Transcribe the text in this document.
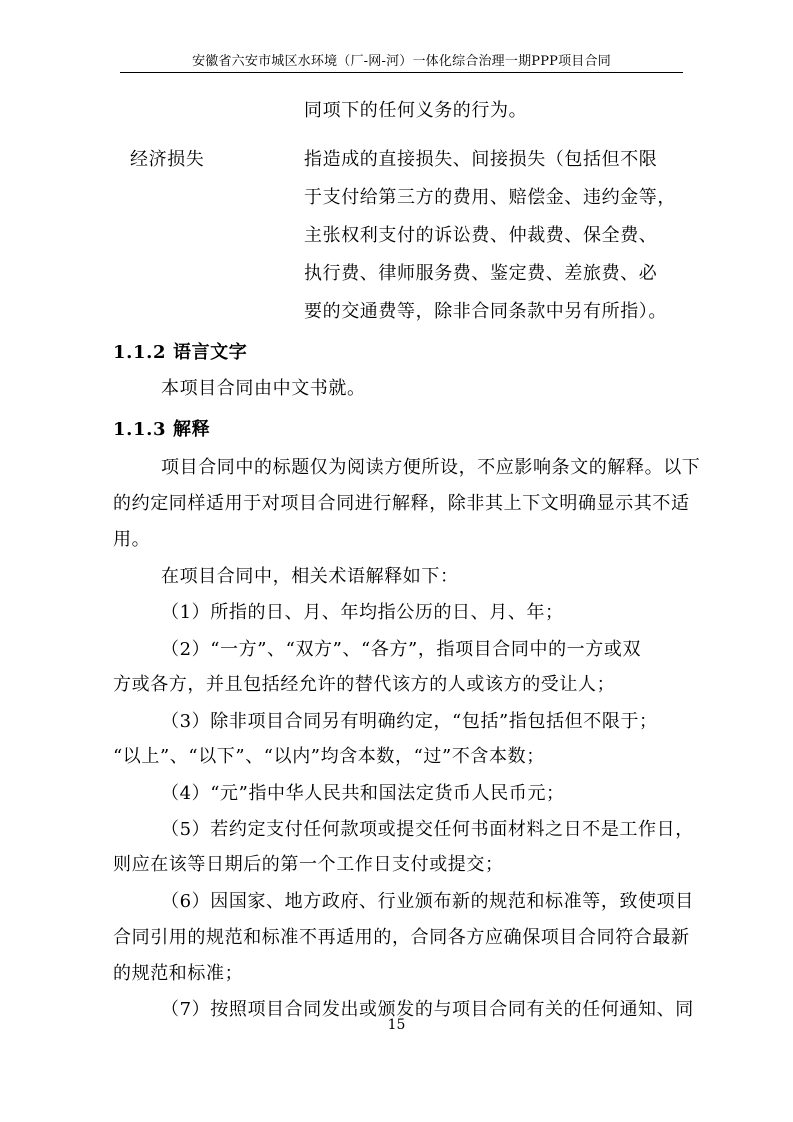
安徽省六安市城区水环境（厂-网-河）一体化综合治理一期PPP项目合同
同项下的任何义务的行为。
经济损失	指造成的直接损失、间接损失（包括但不限
于支付给第三方的费用、赔偿金、违约金等，
主张权利支付的诉讼费、仲裁费、保全费、
执行费、律师服务费、鉴定费、差旅费、必
要的交通费等，除非合同条款中另有所指）。
1.1.2 语言文字
本项目合同由中文书就。
1.1.3 解释
项目合同中的标题仅为阅读方便所设，不应影响条文的解释。以下
的约定同样适用于对项目合同进行解释，除非其上下文明确显示其不适
用。
在项目合同中，相关术语解释如下：
（1）所指的日、月、年均指公历的日、月、年；
（2）“一方”、“双方”、“各方”，指项目合同中的一方或双
方或各方，并且包括经允许的替代该方的人或该方的受让人；
（3）除非项目合同另有明确约定，“包括”指包括但不限于；
“以上”、“以下”、“以内”均含本数，“过”不含本数；
（4）“元”指中华人民共和国法定货币人民币元；
（5）若约定支付任何款项或提交任何书面材料之日不是工作日，
则应在该等日期后的第一个工作日支付或提交；
（6）因国家、地方政府、行业颁布新的规范和标准等，致使项目
合同引用的规范和标准不再适用的，合同各方应确保项目合同符合最新
的规范和标准；
（7）按照项目合同发出或颁发的与项目合同有关的任何通知、同
15
